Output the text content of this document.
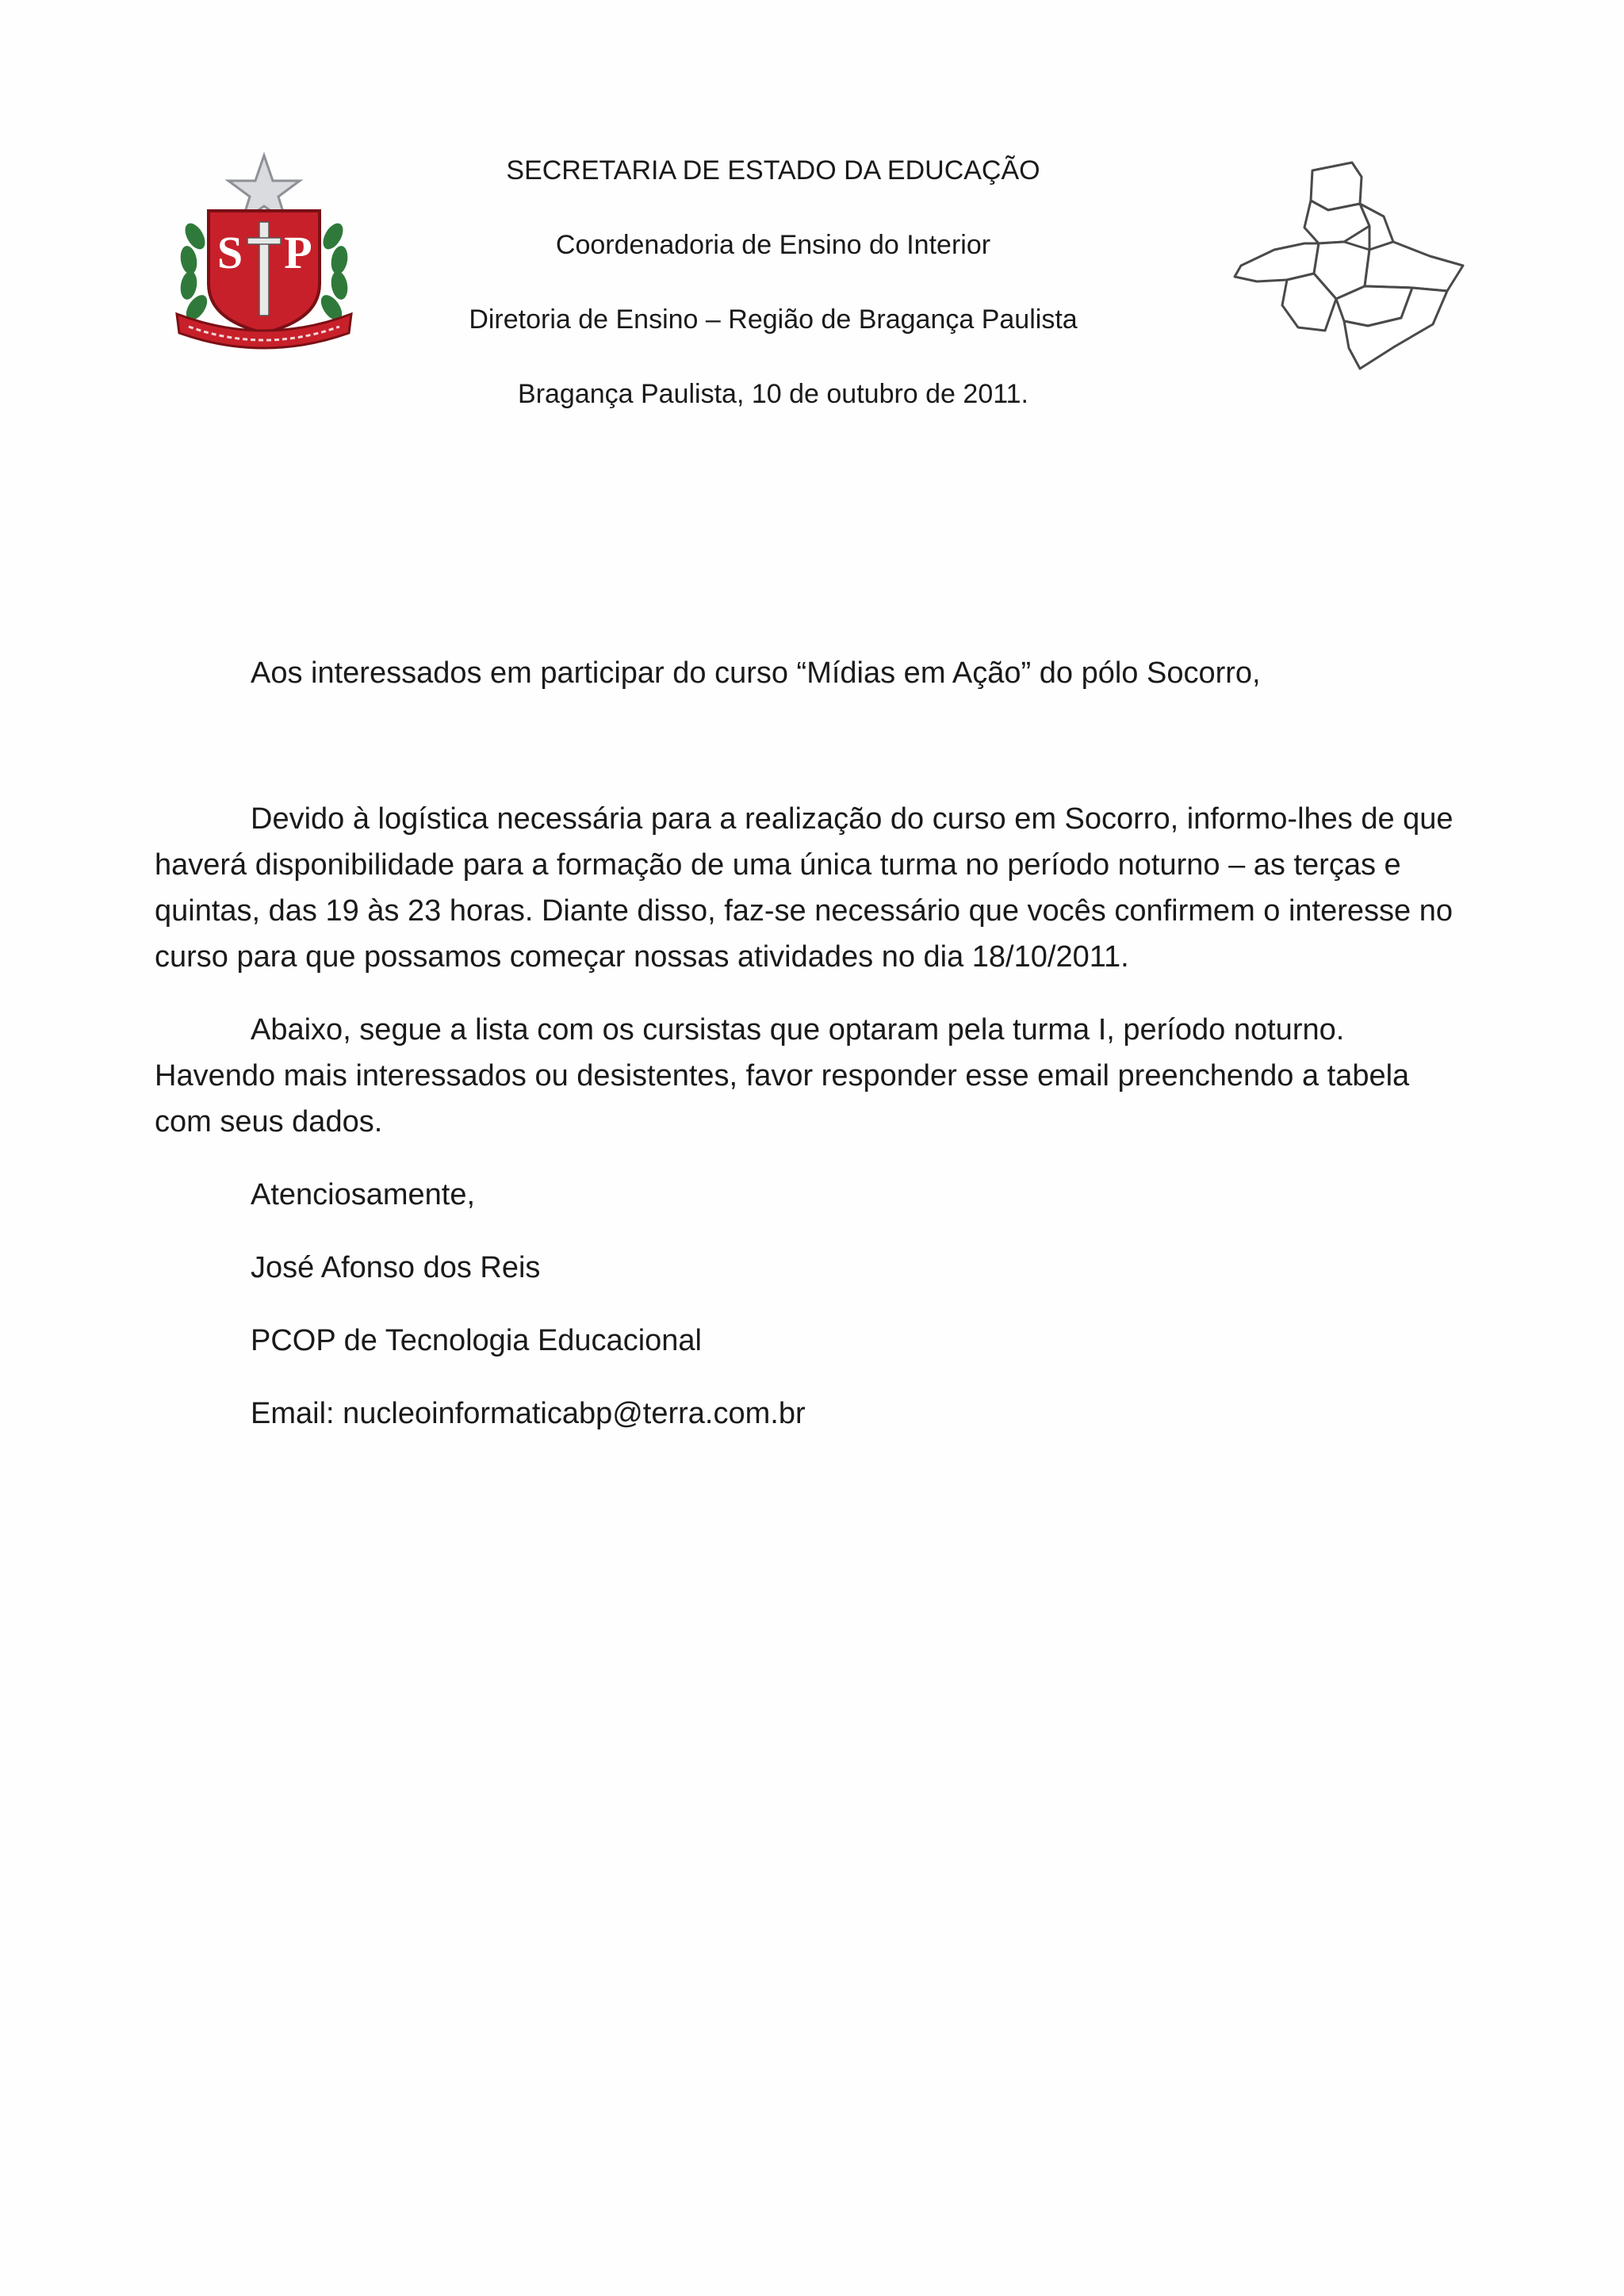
S P
SECRETARIA DE ESTADO DA EDUCAÇÃO
Coordenadoria de Ensino do Interior
Diretoria de Ensino – Região de Bragança Paulista
Bragança Paulista, 10 de outubro de 2011.
Aos interessados em participar do curso “Mídias em Ação” do pólo Socorro,

Devido à logística necessária para a realização do curso em Socorro, informo-lhes de que haverá disponibilidade para a formação de uma única turma no período noturno – as terças e quintas, das 19 às 23 horas. Diante disso, faz-se necessário que vocês confirmem o interesse no curso para que possamos começar nossas atividades no dia 18/10/2011.

Abaixo, segue a lista com os cursistas que optaram pela turma I, período noturno. Havendo mais interessados ou desistentes, favor responder esse email preenchendo a tabela com seus dados.

Atenciosamente,
José Afonso dos Reis
PCOP de Tecnologia Educacional
Email: nucleoinformaticabp@terra.com.br
